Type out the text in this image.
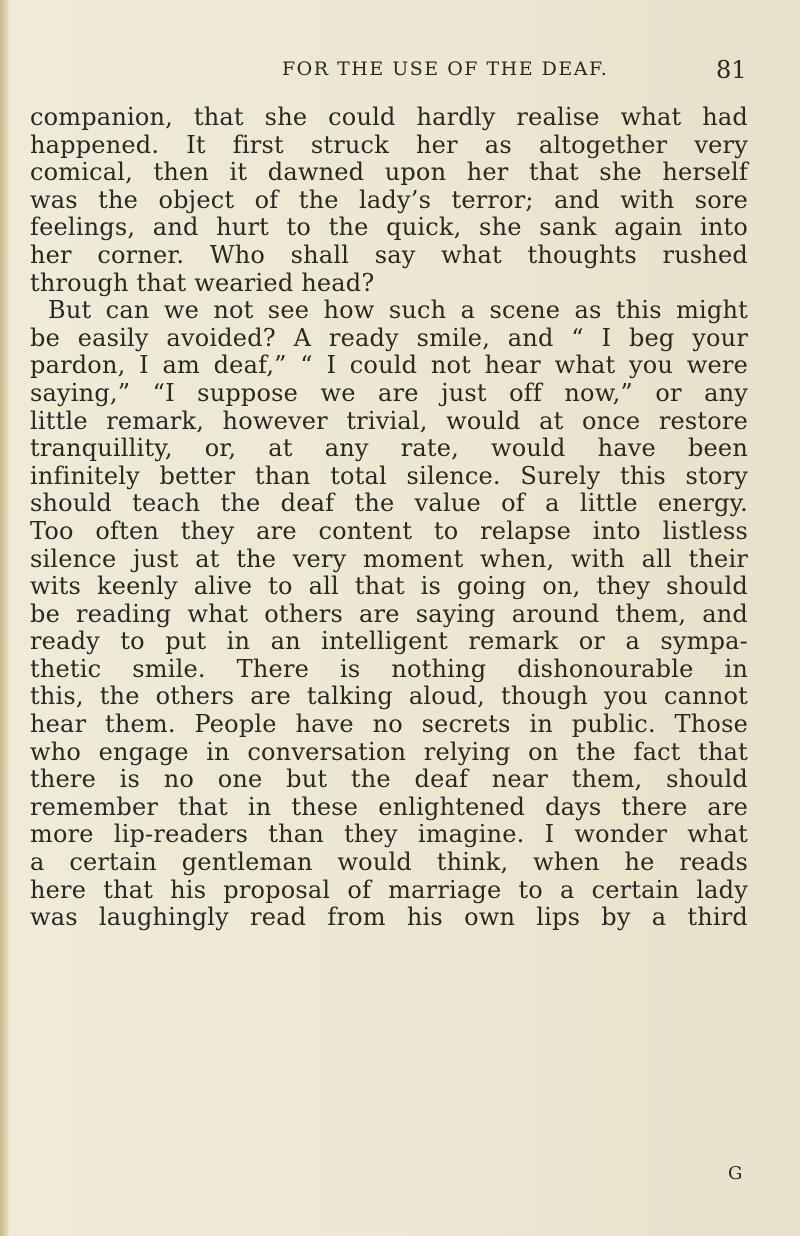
FOR THE USE OF THE DEAF.	81
companion, that she could hardly realise what had
happened. It first struck her as altogether very
comical, then it dawned upon her that she herself
was the object of the lady’s terror; and with sore
feelings, and hurt to the quick, she sank again into
her corner. Who shall say what thoughts rushed
through that wearied head?
But can we not see how such a scene as this might
be easily avoided? A ready smile, and “ I beg your
pardon, I am deaf,” “ I could not hear what you were
saying,” “I suppose we are just off now,” or any
little remark, however trivial, would at once restore
tranquillity, or, at any rate, would have been
infinitely better than total silence. Surely this story
should teach the deaf the value of a little energy.
Too often they are content to relapse into listless
silence just at the very moment when, with all their
wits keenly alive to all that is going on, they should
be reading what others are saying around them, and
ready to put in an intelligent remark or a sympa-
thetic smile. There is nothing dishonourable in
this, the others are talking aloud, though you cannot
hear them. People have no secrets in public. Those
who engage in conversation relying on the fact that
there is no one but the deaf near them, should
remember that in these enlightened days there are
more lip-readers than they imagine. I wonder what
a certain gentleman would think, when he reads
here that his proposal of marriage to a certain lady
was laughingly read from his own lips by a third
G
